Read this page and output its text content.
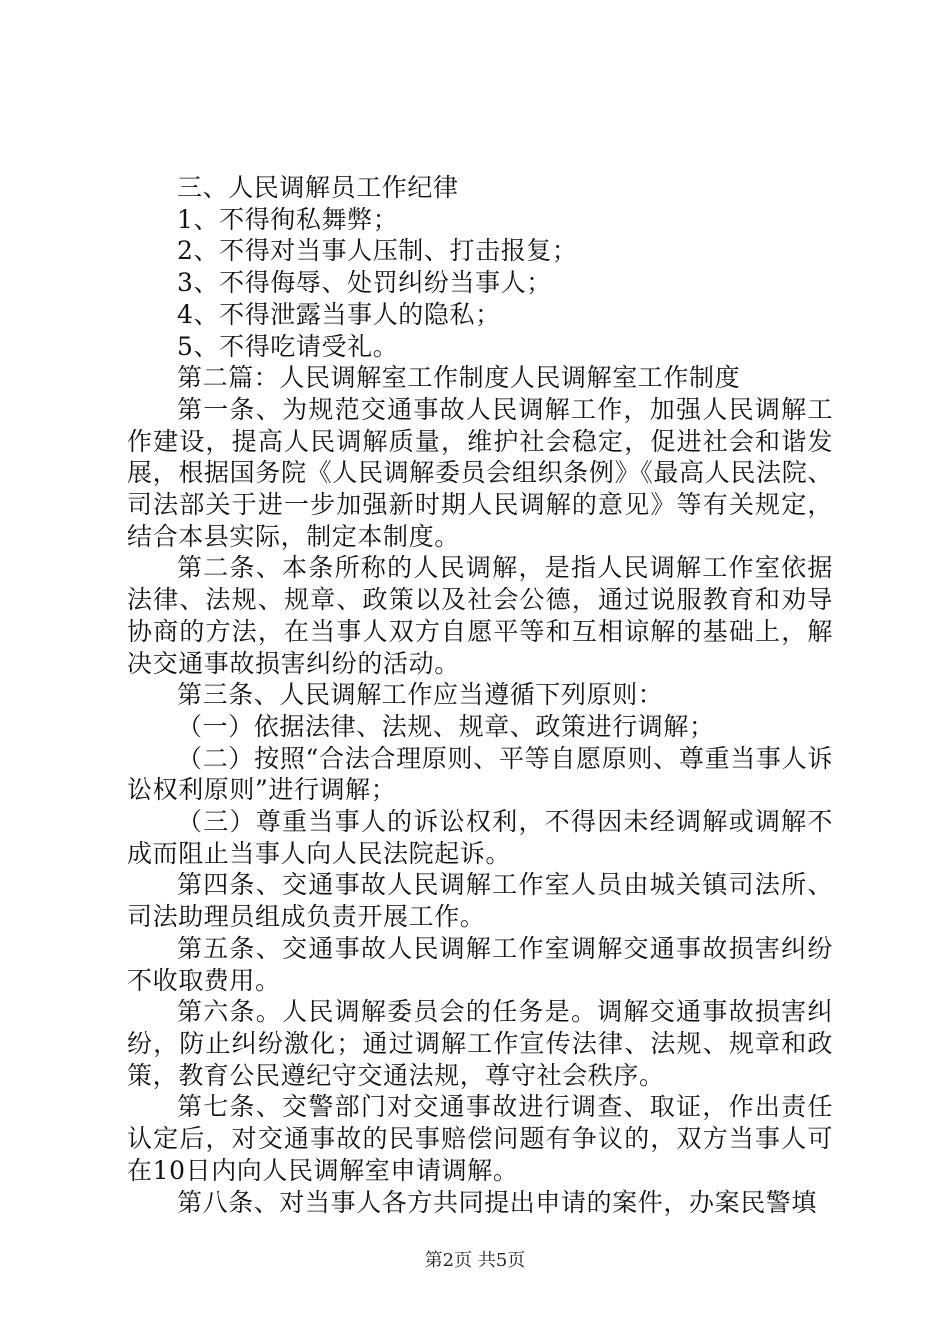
三、人民调解员工作纪律

1、不得徇私舞弊；

2、不得对当事人压制、打击报复；

3、不得侮辱、处罚纠纷当事人；

4、不得泄露当事人的隐私；

5、不得吃请受礼。

第二篇：人民调解室工作制度人民调解室工作制度

第一条、为规范交通事故人民调解工作，加强人民调解工作建设，提高人民调解质量，维护社会稳定，促进社会和谐发展，根据国务院《人民调解委员会组织条例》《最高人民法院、司法部关于进一步加强新时期人民调解的意见》等有关规定，结合本县实际，制定本制度。

第二条、本条所称的人民调解，是指人民调解工作室依据法律、法规、规章、政策以及社会公德，通过说服教育和劝导协商的方法，在当事人双方自愿平等和互相谅解的基础上，解决交通事故损害纠纷的活动。

第三条、人民调解工作应当遵循下列原则：

（一）依据法律、法规、规章、政策进行调解；

（二）按照“合法合理原则、平等自愿原则、尊重当事人诉讼权利原则”进行调解；

（三）尊重当事人的诉讼权利，不得因未经调解或调解不成而阻止当事人向人民法院起诉。

第四条、交通事故人民调解工作室人员由城关镇司法所、司法助理员组成负责开展工作。

第五条、交通事故人民调解工作室调解交通事故损害纠纷不收取费用。

第六条。人民调解委员会的任务是。调解交通事故损害纠纷，防止纠纷激化；通过调解工作宣传法律、法规、规章和政策，教育公民遵纪守交通法规，尊守社会秩序。

第七条、交警部门对交通事故进行调查、取证，作出责任认定后，对交通事故的民事赔偿问题有争议的，双方当事人可在10日内向人民调解室申请调解。

第八条、对当事人各方共同提出申请的案件，办案民警填

第2页 共5页
